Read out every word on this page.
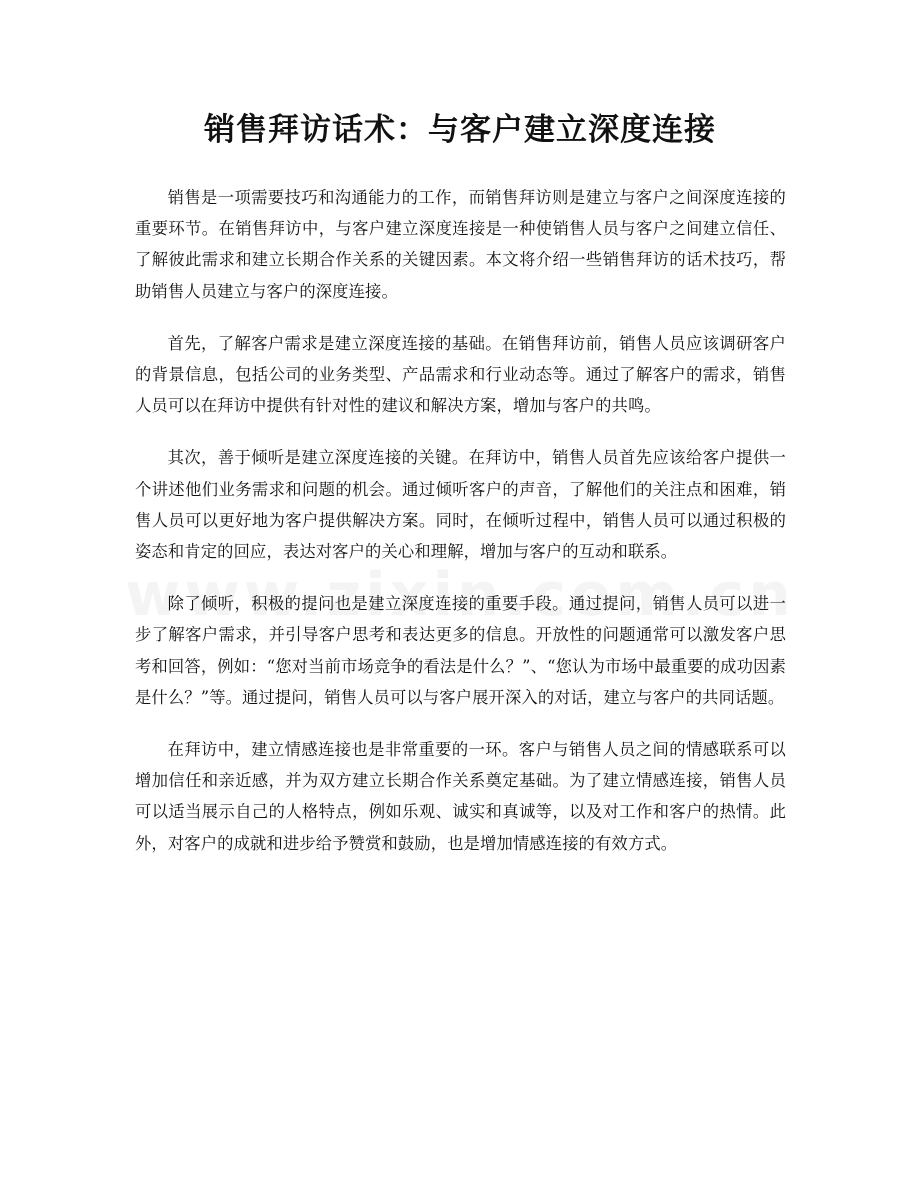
销售拜访话术：与客户建立深度连接

销售是一项需要技巧和沟通能力的工作，而销售拜访则是建立与客户之间深度连接的重要环节。在销售拜访中，与客户建立深度连接是一种使销售人员与客户之间建立信任、了解彼此需求和建立长期合作关系的关键因素。本文将介绍一些销售拜访的话术技巧，帮助销售人员建立与客户的深度连接。

首先，了解客户需求是建立深度连接的基础。在销售拜访前，销售人员应该调研客户的背景信息，包括公司的业务类型、产品需求和行业动态等。通过了解客户的需求，销售人员可以在拜访中提供有针对性的建议和解决方案，增加与客户的共鸣。

其次，善于倾听是建立深度连接的关键。在拜访中，销售人员首先应该给客户提供一个讲述他们业务需求和问题的机会。通过倾听客户的声音，了解他们的关注点和困难，销售人员可以更好地为客户提供解决方案。同时，在倾听过程中，销售人员可以通过积极的姿态和肯定的回应，表达对客户的关心和理解，增加与客户的互动和联系。

除了倾听，积极的提问也是建立深度连接的重要手段。通过提问，销售人员可以进一步了解客户需求，并引导客户思考和表达更多的信息。开放性的问题通常可以激发客户思考和回答，例如：“您对当前市场竞争的看法是什么？”、“您认为市场中最重要的成功因素是什么？”等。通过提问，销售人员可以与客户展开深入的对话，建立与客户的共同话题。

在拜访中，建立情感连接也是非常重要的一环。客户与销售人员之间的情感联系可以增加信任和亲近感，并为双方建立长期合作关系奠定基础。为了建立情感连接，销售人员可以适当展示自己的人格特点，例如乐观、诚实和真诚等，以及对工作和客户的热情。此外，对客户的成就和进步给予赞赏和鼓励，也是增加情感连接的有效方式。
